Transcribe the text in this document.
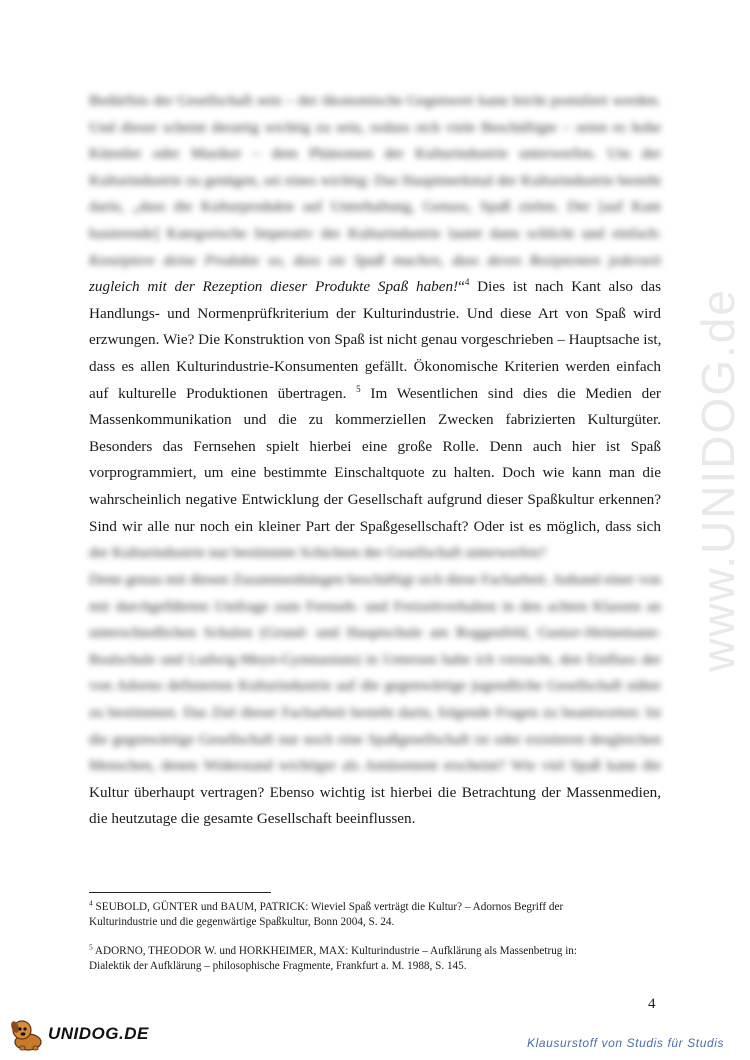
www.UNIDOG.de
Bedürfnis der Gesellschaft sein – der ökonomische Gegenwert kann leicht postuliert werden.
Und dieser scheint derartig wichtig zu sein, sodass sich viele Beschäftigte – seien es hohe
Künstler oder Musiker – dem Phänomen der Kulturindustrie unterwerfen. Um der
Kulturindustrie zu genügen, sei eines wichtig: Das Hauptmerkmal der Kulturindustrie besteht
darin, „dass die Kulturprodukte auf Unterhaltung, Genuss, Spaß zielen. Der [auf Kant
basierende] Kategorische Imperativ der Kulturindustrie lautet dann schlicht und einfach:
Konzipiere deine Produkte so, dass sie Spaß machen, dass deren Rezipienten jederzeit
zugleich mit der Rezeption dieser Produkte Spaß haben!“$^4$ Dies ist nach Kant also das
Handlungs- und Normenprüfkriterium der Kulturindustrie. Und diese Art von Spaß wird
erzwungen. Wie? Die Konstruktion von Spaß ist nicht genau vorgeschrieben – Hauptsache ist,
dass es allen Kulturindustrie-Konsumenten gefällt. Ökonomische Kriterien werden einfach
auf kulturelle Produktionen übertragen. $^5$ Im Wesentlichen sind dies die Medien der
Massenkommunikation und die zu kommerziellen Zwecken fabrizierten Kulturgüter.
Besonders das Fernsehen spielt hierbei eine große Rolle. Denn auch hier ist Spaß
vorprogrammiert, um eine bestimmte Einschaltquote zu halten. Doch wie kann man die
wahrscheinlich negative Entwicklung der Gesellschaft aufgrund dieser Spaßkultur erkennen?
Sind wir alle nur noch ein kleiner Part der Spaßgesellschaft? Oder ist es möglich, dass sich
der Kulturindustrie nur bestimmte Schichten der Gesellschaft unterwerfen?
Denn genau mit diesen Zusammenhängen beschäftigt sich diese Facharbeit. Anhand einer von
mir durchgeführten Umfrage zum Fernseh- und Freizeitverhalten in den achten Klassen an
unterschiedlichen Schulen (Grund- und Hauptschule am Roggenfeld, Gustav-Heinemann-
Realschule und Ludwig-Meyn-Gymnasium) in Uetersen habe ich versucht, den Einfluss der
von Adorno definierten Kulturindustrie auf die gegenwärtige jugendliche Gesellschaft näher
zu bestimmen. Das Ziel dieser Facharbeit besteht darin, folgende Fragen zu beantworten: Ist
die gegenwärtige Gesellschaft nur noch eine Spaßgesellschaft ist oder existieren desgleichen
Menschen, denen Widerstand wichtiger als Amüsement erscheint? Wie viel Spaß kann die
Kultur überhaupt vertragen? Ebenso wichtig ist hierbei die Betrachtung der Massenmedien,
die heutzutage die gesamte Gesellschaft beeinflussen.

$^4$ SEUBOLD, GÜNTER und BAUM, PATRICK: Wieviel Spaß verträgt die Kultur? – Adornos Begriff der
Kulturindustrie und die gegenwärtige Spaßkultur, Bonn 2004, S. 24.

$^5$ ADORNO, THEODOR W. und HORKHEIMER, MAX: Kulturindustrie – Aufklärung als Massenbetrug in:
Dialektik der Aufklärung – philosophische Fragmente, Frankfurt a. M. 1988, S. 145.

4
UNIDOG.DE	Klausurstoff von Studis für Studis
